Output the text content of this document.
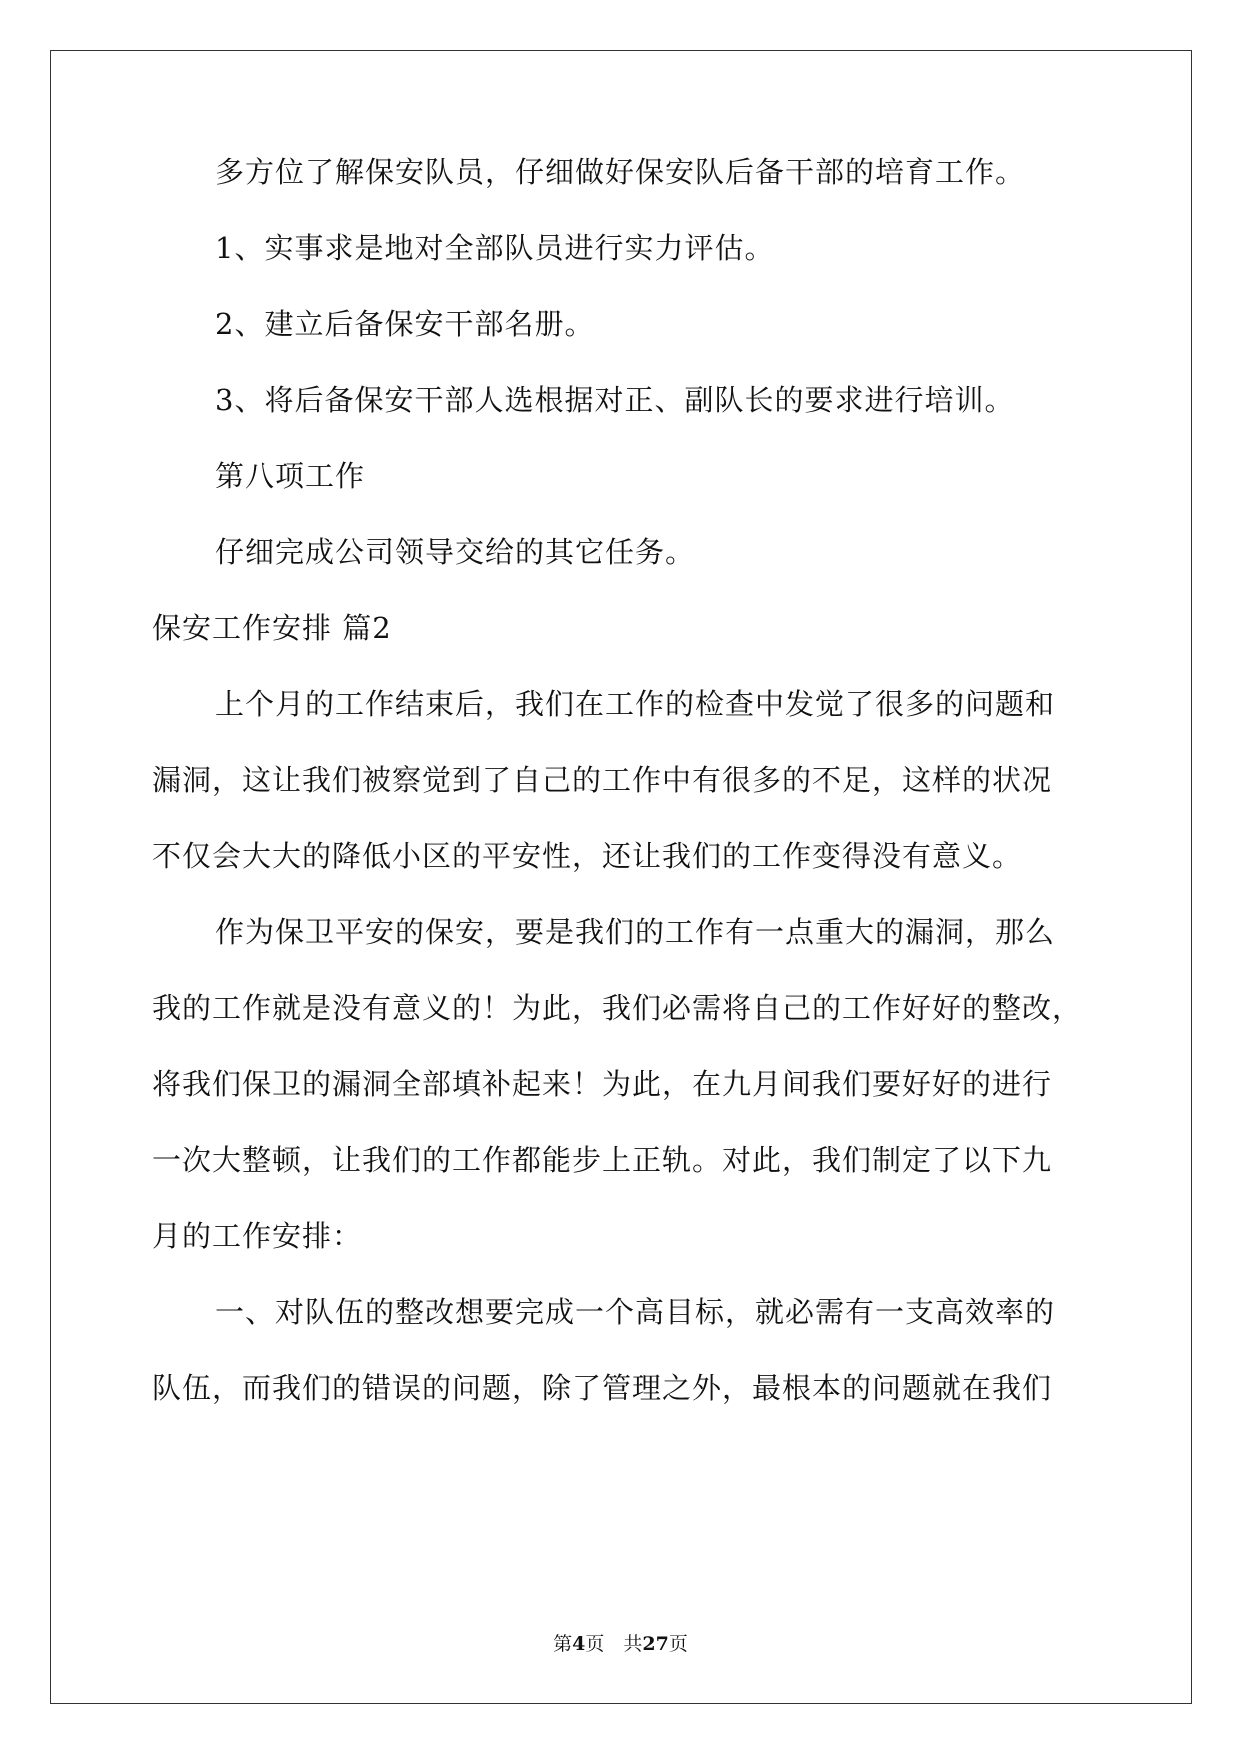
多方位了解保安队员，仔细做好保安队后备干部的培育工作。
1、实事求是地对全部队员进行实力评估。
2、建立后备保安干部名册。
3、将后备保安干部人选根据对正、副队长的要求进行培训。
第八项工作
仔细完成公司领导交给的其它任务。
保安工作安排 篇2
上个月的工作结束后，我们在工作的检查中发觉了很多的问题和
漏洞，这让我们被察觉到了自己的工作中有很多的不足，这样的状况
不仅会大大的降低小区的平安性，还让我们的工作变得没有意义。
作为保卫平安的保安，要是我们的工作有一点重大的漏洞，那么
我的工作就是没有意义的！为此，我们必需将自己的工作好好的整改，
将我们保卫的漏洞全部填补起来！为此，在九月间我们要好好的进行
一次大整顿，让我们的工作都能步上正轨。对此，我们制定了以下九
月的工作安排：
一、对队伍的整改想要完成一个高目标，就必需有一支高效率的
队伍，而我们的错误的问题，除了管理之外，最根本的问题就在我们
第4页　共27页
